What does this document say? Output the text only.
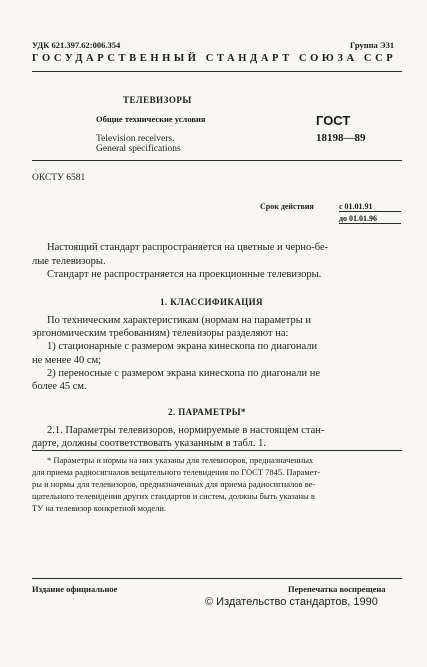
УДК 621.397.62:006.354	Группа Э31
ГОСУДАРСТВЕННЫЙ СТАНДАРТ СОЮЗА ССР
ТЕЛЕВИЗОРЫ
Общие технические условия
Television receivers.
General specifications
ГОСТ
18198—89
ОКСТУ 6581
Срок действия	с 01.01.91
до 01.01.96
Настоящий стандарт распространяется на цветные и черно-бе-
лые телевизоры.
Стандарт не распространяется на проекционные телевизоры.
1. КЛАССИФИКАЦИЯ
По техническим характеристикам (нормам на параметры и
эргономическим требованиям) телевизоры разделяют на:
1) стационарные с размером экрана кинескопа по диагонали
не менее 40 см;
2) переносные с размером экрана кинескопа по диагонали не
более 45 см.
2. ПАРАМЕТРЫ*
2.1. Параметры телевизоров, нормируемые в настоящем стан-
дарте, должны соответствовать указанным в табл. 1.
* Параметры и нормы на них указаны для телевизоров, предназначенных
для приема радиосигналов вещательного телевидения по ГОСТ 7845. Парамет-
ры и нормы для телевизоров, предназначенных для приема радиосигналов ве-
щательного телевидения других стандартов и систем, должны быть указаны в
ТУ на телевизор конкретной модели.
Издание официальное	Перепечатка воспрещена
© Издательство стандартов, 1990
